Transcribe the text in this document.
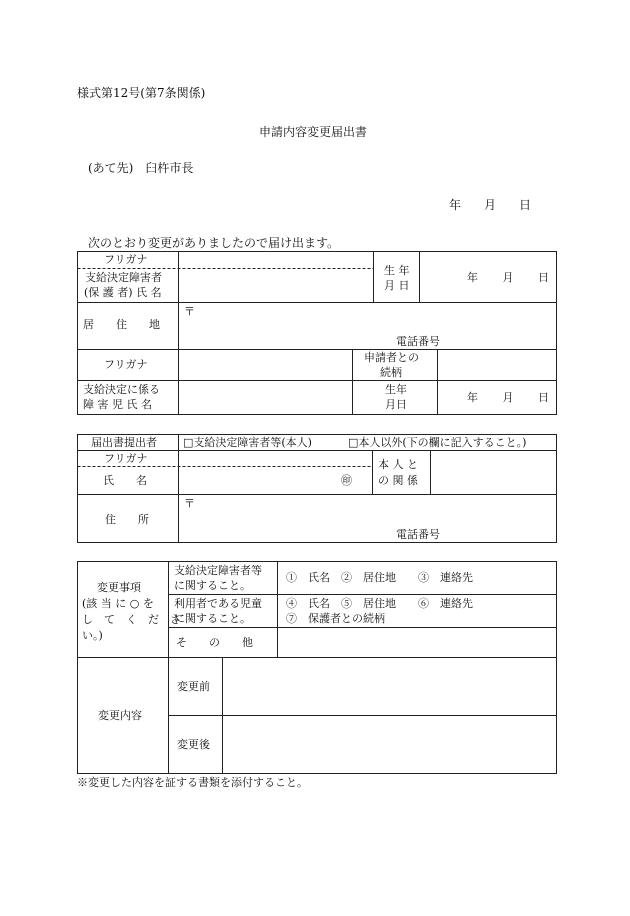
様式第12号(第7条関係)
申請内容変更届出書
(あて先)　臼杵市長
年 月 日
次のとおり変更がありましたので届け出ます。
フリガナ
支給決定障害者
(保 護 者) 氏 名
生 年
月 日
年 月 日
居　　住　　地
〒
電話番号
フリガナ
申請者との
続柄
支給決定に係る
障 害 児 氏 名
生年
月日
年 月 日
届出書提出者 □支給決定障害者等(本人)	□本人以外(下の欄に記入すること。)
フリガナ
氏　　名	㊞
本 人 と
の 関 係
〒
住　　所
電話番号
変更事項
(該 当 に ○ を
し　て　く　だ　さ
い。)
支給決定障害者等
に関すること。
①　氏名　②　居住地　　③　連絡先
利用者である児童
に関すること。
④　氏名　⑤　居住地　　⑥　連絡先
⑦　保護者との続柄
そ　　の　　他
変更内容
変更前
変更後
※変更した内容を証する書類を添付すること。
